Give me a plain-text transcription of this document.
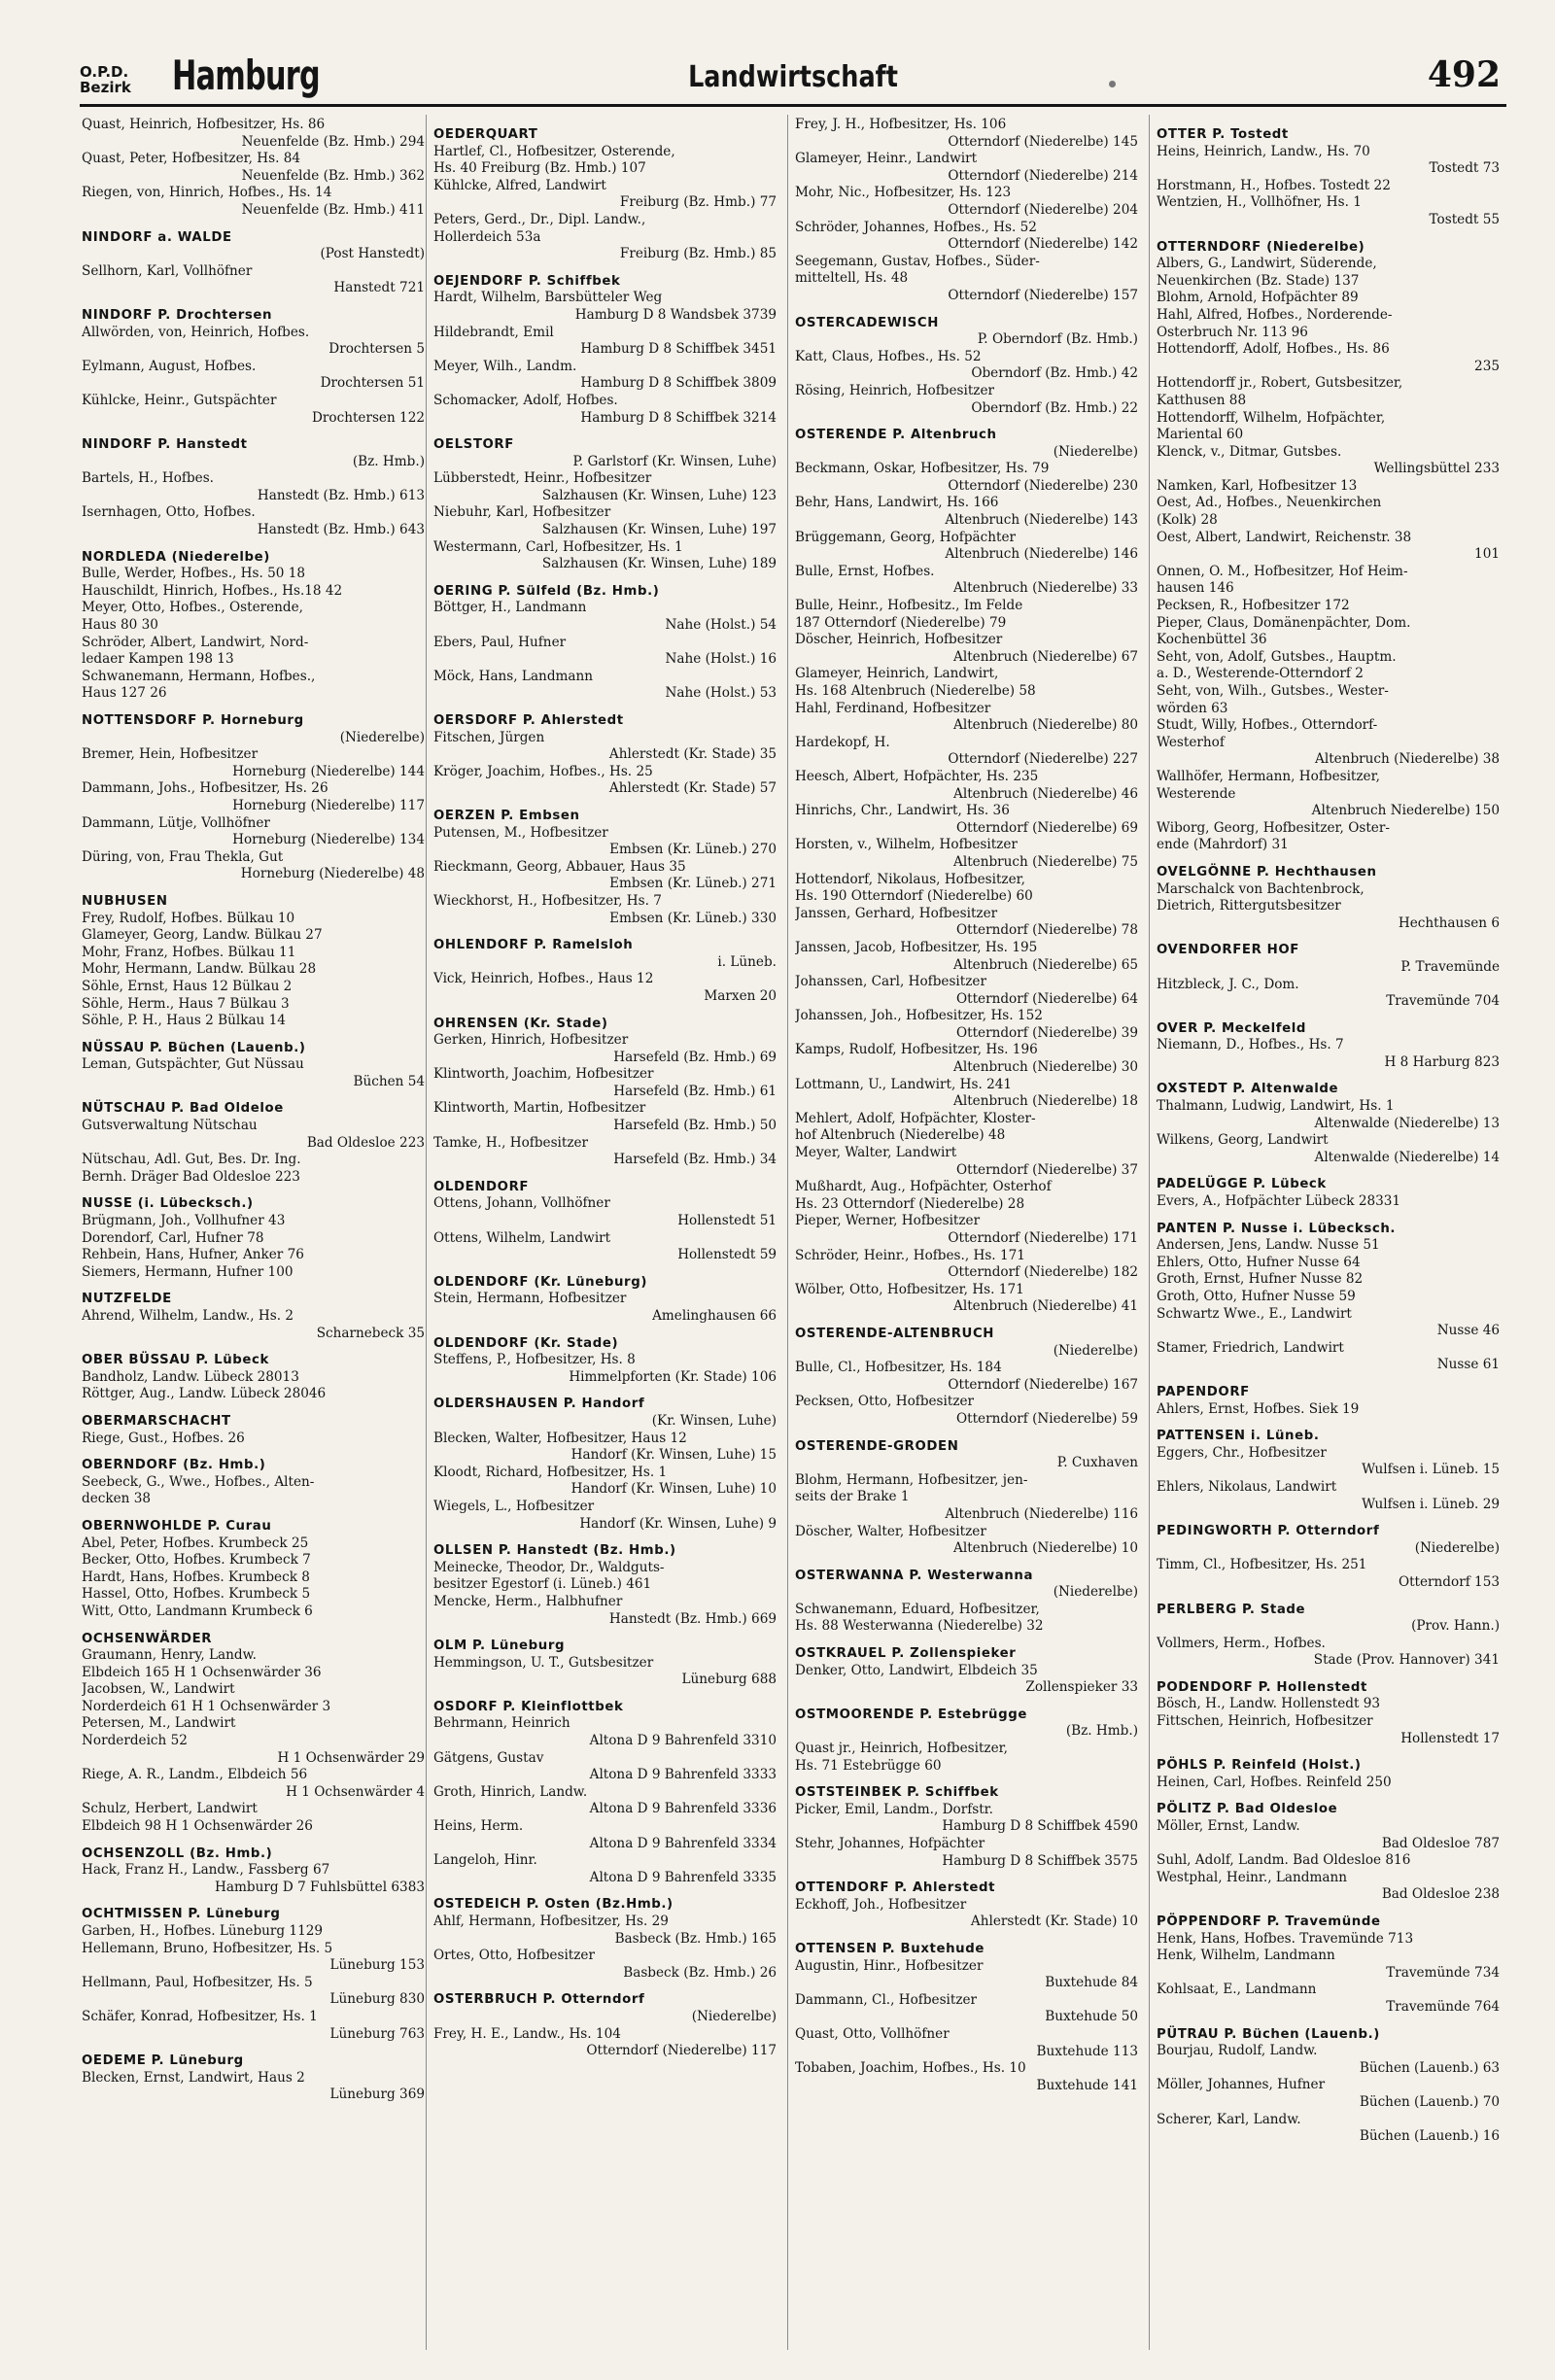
O.P.D.
Bezirk Hamburg	Landwirtschaft	492
Quast, Heinrich, Hofbesitzer, Hs. 86
Neuenfelde (Bz. Hmb.) 294
Quast, Peter, Hofbesitzer, Hs. 84
Neuenfelde (Bz. Hmb.) 362
Riegen, von, Hinrich, Hofbes., Hs. 14
Neuenfelde (Bz. Hmb.) 411
NINDORF a. WALDE
(Post Hanstedt)
Sellhorn, Karl, Vollhöfner
Hanstedt 721
NINDORF P. Drochtersen
Allwörden, von, Heinrich, Hofbes.
Drochtersen 5
Eylmann, August, Hofbes.
Drochtersen 51
Kühlcke, Heinr., Gutspächter
Drochtersen 122
NINDORF P. Hanstedt
(Bz. Hmb.)
Bartels, H., Hofbes.
Hanstedt (Bz. Hmb.) 613
Isernhagen, Otto, Hofbes.
Hanstedt (Bz. Hmb.) 643
NORDLEDA (Niederelbe)
Bulle, Werder, Hofbes., Hs. 50 18
Hauschildt, Hinrich, Hofbes., Hs.18 42
Meyer, Otto, Hofbes., Osterende,
Haus 80 30
Schröder, Albert, Landwirt, Nord-
ledaer Kampen 198 13
Schwanemann, Hermann, Hofbes.,
Haus 127 26
NOTTENSDORF P. Horneburg
(Niederelbe)
Bremer, Hein, Hofbesitzer
Horneburg (Niederelbe) 144
Dammann, Johs., Hofbesitzer, Hs. 26
Horneburg (Niederelbe) 117
Dammann, Lütje, Vollhöfner
Horneburg (Niederelbe) 134
Düring, von, Frau Thekla, Gut
Horneburg (Niederelbe) 48
NUBHUSEN
Frey, Rudolf, Hofbes. Bülkau 10
Glameyer, Georg, Landw. Bülkau 27
Mohr, Franz, Hofbes. Bülkau 11
Mohr, Hermann, Landw. Bülkau 28
Söhle, Ernst, Haus 12 Bülkau 2
Söhle, Herm., Haus 7 Bülkau 3
Söhle, P. H., Haus 2 Bülkau 14
NÜSSAU P. Büchen (Lauenb.)
Leman, Gutspächter, Gut Nüssau
Büchen 54
NÜTSCHAU P. Bad Oldeloe
Gutsverwaltung Nütschau
Bad Oldesloe 223
Nütschau, Adl. Gut, Bes. Dr. Ing.
Bernh. Dräger Bad Oldesloe 223
NUSSE (i. Lübecksch.)
Brügmann, Joh., Vollhufner 43
Dorendorf, Carl, Hufner 78
Rehbein, Hans, Hufner, Anker 76
Siemers, Hermann, Hufner 100
NUTZFELDE
Ahrend, Wilhelm, Landw., Hs. 2
Scharnebeck 35
OBER BÜSSAU P. Lübeck
Bandholz, Landw. Lübeck 28013
Röttger, Aug., Landw. Lübeck 28046
OBERMARSCHACHT
Riege, Gust., Hofbes. 26
OBERNDORF (Bz. Hmb.)
Seebeck, G., Wwe., Hofbes., Alten-
decken 38
OBERNWOHLDE P. Curau
Abel, Peter, Hofbes. Krumbeck 25
Becker, Otto, Hofbes. Krumbeck 7
Hardt, Hans, Hofbes. Krumbeck 8
Hassel, Otto, Hofbes. Krumbeck 5
Witt, Otto, Landmann Krumbeck 6
OCHSENWÄRDER
Graumann, Henry, Landw.
Elbdeich 165 H 1 Ochsenwärder 36
Jacobsen, W., Landwirt
Norderdeich 61 H 1 Ochsenwärder 3
Petersen, M., Landwirt
Norderdeich 52
H 1 Ochsenwärder 29
Riege, A. R., Landm., Elbdeich 56
H 1 Ochsenwärder 4
Schulz, Herbert, Landwirt
Elbdeich 98 H 1 Ochsenwärder 26
OCHSENZOLL (Bz. Hmb.)
Hack, Franz H., Landw., Fassberg 67
Hamburg D 7 Fuhlsbüttel 6383
OCHTMISSEN P. Lüneburg
Garben, H., Hofbes. Lüneburg 1129
Hellemann, Bruno, Hofbesitzer, Hs. 5
Lüneburg 153
Hellmann, Paul, Hofbesitzer, Hs. 5
Lüneburg 830
Schäfer, Konrad, Hofbesitzer, Hs. 1
Lüneburg 763
OEDEME P. Lüneburg
Blecken, Ernst, Landwirt, Haus 2
Lüneburg 369
OEDERQUART
Hartlef, Cl., Hofbesitzer, Osterende,
Hs. 40 Freiburg (Bz. Hmb.) 107
Kühlcke, Alfred, Landwirt
Freiburg (Bz. Hmb.) 77
Peters, Gerd., Dr., Dipl. Landw.,
Hollerdeich 53a
Freiburg (Bz. Hmb.) 85
OEJENDORF P. Schiffbek
Hardt, Wilhelm, Barsbütteler Weg
Hamburg D 8 Wandsbek 3739
Hildebrandt, Emil
Hamburg D 8 Schiffbek 3451
Meyer, Wilh., Landm.
Hamburg D 8 Schiffbek 3809
Schomacker, Adolf, Hofbes.
Hamburg D 8 Schiffbek 3214
OELSTORF
P. Garlstorf (Kr. Winsen, Luhe)
Lübberstedt, Heinr., Hofbesitzer
Salzhausen (Kr. Winsen, Luhe) 123
Niebuhr, Karl, Hofbesitzer
Salzhausen (Kr. Winsen, Luhe) 197
Westermann, Carl, Hofbesitzer, Hs. 1
Salzhausen (Kr. Winsen, Luhe) 189
OERING P. Sülfeld (Bz. Hmb.)
Böttger, H., Landmann
Nahe (Holst.) 54
Ebers, Paul, Hufner
Nahe (Holst.) 16
Möck, Hans, Landmann
Nahe (Holst.) 53
OERSDORF P. Ahlerstedt
Fitschen, Jürgen
Ahlerstedt (Kr. Stade) 35
Kröger, Joachim, Hofbes., Hs. 25
Ahlerstedt (Kr. Stade) 57
OERZEN P. Embsen
Putensen, M., Hofbesitzer
Embsen (Kr. Lüneb.) 270
Rieckmann, Georg, Abbauer, Haus 35
Embsen (Kr. Lüneb.) 271
Wieckhorst, H., Hofbesitzer, Hs. 7
Embsen (Kr. Lüneb.) 330
OHLENDORF P. Ramelsloh
i. Lüneb.
Vick, Heinrich, Hofbes., Haus 12
Marxen 20
OHRENSEN (Kr. Stade)
Gerken, Hinrich, Hofbesitzer
Harsefeld (Bz. Hmb.) 69
Klintworth, Joachim, Hofbesitzer
Harsefeld (Bz. Hmb.) 61
Klintworth, Martin, Hofbesitzer
Harsefeld (Bz. Hmb.) 50
Tamke, H., Hofbesitzer
Harsefeld (Bz. Hmb.) 34
OLDENDORF
Ottens, Johann, Vollhöfner
Hollenstedt 51
Ottens, Wilhelm, Landwirt
Hollenstedt 59
OLDENDORF (Kr. Lüneburg)
Stein, Hermann, Hofbesitzer
Amelinghausen 66
OLDENDORF (Kr. Stade)
Steffens, P., Hofbesitzer, Hs. 8
Himmelpforten (Kr. Stade) 106
OLDERSHAUSEN P. Handorf
(Kr. Winsen, Luhe)
Blecken, Walter, Hofbesitzer, Haus 12
Handorf (Kr. Winsen, Luhe) 15
Kloodt, Richard, Hofbesitzer, Hs. 1
Handorf (Kr. Winsen, Luhe) 10
Wiegels, L., Hofbesitzer
Handorf (Kr. Winsen, Luhe) 9
OLLSEN P. Hanstedt (Bz. Hmb.)
Meinecke, Theodor, Dr., Waldguts-
besitzer Egestorf (i. Lüneb.) 461
Mencke, Herm., Halbhufner
Hanstedt (Bz. Hmb.) 669
OLM P. Lüneburg
Hemmingson, U. T., Gutsbesitzer
Lüneburg 688
OSDORF P. Kleinflottbek
Behrmann, Heinrich
Altona D 9 Bahrenfeld 3310
Gätgens, Gustav
Altona D 9 Bahrenfeld 3333
Groth, Hinrich, Landw.
Altona D 9 Bahrenfeld 3336
Heins, Herm.
Altona D 9 Bahrenfeld 3334
Langeloh, Hinr.
Altona D 9 Bahrenfeld 3335
OSTEDEICH P. Osten (Bz.Hmb.)
Ahlf, Hermann, Hofbesitzer, Hs. 29
Basbeck (Bz. Hmb.) 165
Ortes, Otto, Hofbesitzer
Basbeck (Bz. Hmb.) 26
OSTERBRUCH P. Otterndorf
(Niederelbe)
Frey, H. E., Landw., Hs. 104
Otterndorf (Niederelbe) 117
Frey, J. H., Hofbesitzer, Hs. 106
Otterndorf (Niederelbe) 145
Glameyer, Heinr., Landwirt
Otterndorf (Niederelbe) 214
Mohr, Nic., Hofbesitzer, Hs. 123
Otterndorf (Niederelbe) 204
Schröder, Johannes, Hofbes., Hs. 52
Otterndorf (Niederelbe) 142
Seegemann, Gustav, Hofbes., Süder-
mitteltell, Hs. 48
Otterndorf (Niederelbe) 157
OSTERCADEWISCH
P. Oberndorf (Bz. Hmb.)
Katt, Claus, Hofbes., Hs. 52
Oberndorf (Bz. Hmb.) 42
Rösing, Heinrich, Hofbesitzer
Oberndorf (Bz. Hmb.) 22
OSTERENDE P. Altenbruch
(Niederelbe)
Beckmann, Oskar, Hofbesitzer, Hs. 79
Otterndorf (Niederelbe) 230
Behr, Hans, Landwirt, Hs. 166
Altenbruch (Niederelbe) 143
Brüggemann, Georg, Hofpächter
Altenbruch (Niederelbe) 146
Bulle, Ernst, Hofbes.
Altenbruch (Niederelbe) 33
Bulle, Heinr., Hofbesitz., Im Felde
187 Otterndorf (Niederelbe) 79
Döscher, Heinrich, Hofbesitzer
Altenbruch (Niederelbe) 67
Glameyer, Heinrich, Landwirt,
Hs. 168 Altenbruch (Niederelbe) 58
Hahl, Ferdinand, Hofbesitzer
Altenbruch (Niederelbe) 80
Hardekopf, H.
Otterndorf (Niederelbe) 227
Heesch, Albert, Hofpächter, Hs. 235
Altenbruch (Niederelbe) 46
Hinrichs, Chr., Landwirt, Hs. 36
Otterndorf (Niederelbe) 69
Horsten, v., Wilhelm, Hofbesitzer
Altenbruch (Niederelbe) 75
Hottendorf, Nikolaus, Hofbesitzer,
Hs. 190 Otterndorf (Niederelbe) 60
Janssen, Gerhard, Hofbesitzer
Otterndorf (Niederelbe) 78
Janssen, Jacob, Hofbesitzer, Hs. 195
Altenbruch (Niederelbe) 65
Johanssen, Carl, Hofbesitzer
Otterndorf (Niederelbe) 64
Johanssen, Joh., Hofbesitzer, Hs. 152
Otterndorf (Niederelbe) 39
Kamps, Rudolf, Hofbesitzer, Hs. 196
Altenbruch (Niederelbe) 30
Lottmann, U., Landwirt, Hs. 241
Altenbruch (Niederelbe) 18
Mehlert, Adolf, Hofpächter, Kloster-
hof Altenbruch (Niederelbe) 48
Meyer, Walter, Landwirt
Otterndorf (Niederelbe) 37
Mußhardt, Aug., Hofpächter, Osterhof
Hs. 23 Otterndorf (Niederelbe) 28
Pieper, Werner, Hofbesitzer
Otterndorf (Niederelbe) 171
Schröder, Heinr., Hofbes., Hs. 171
Otterndorf (Niederelbe) 182
Wölber, Otto, Hofbesitzer, Hs. 171
Altenbruch (Niederelbe) 41
OSTERENDE-ALTENBRUCH
(Niederelbe)
Bulle, Cl., Hofbesitzer, Hs. 184
Otterndorf (Niederelbe) 167
Pecksen, Otto, Hofbesitzer
Otterndorf (Niederelbe) 59
OSTERENDE-GRODEN
P. Cuxhaven
Blohm, Hermann, Hofbesitzer, jen-
seits der Brake 1
Altenbruch (Niederelbe) 116
Döscher, Walter, Hofbesitzer
Altenbruch (Niederelbe) 10
OSTERWANNA P. Westerwanna
(Niederelbe)
Schwanemann, Eduard, Hofbesitzer,
Hs. 88 Westerwanna (Niederelbe) 32
OSTKRAUEL P. Zollenspieker
Denker, Otto, Landwirt, Elbdeich 35
Zollenspieker 33
OSTMOORENDE P. Estebrügge
(Bz. Hmb.)
Quast jr., Heinrich, Hofbesitzer,
Hs. 71 Estebrügge 60
OSTSTEINBEK P. Schiffbek
Picker, Emil, Landm., Dorfstr.
Hamburg D 8 Schiffbek 4590
Stehr, Johannes, Hofpächter
Hamburg D 8 Schiffbek 3575
OTTENDORF P. Ahlerstedt
Eckhoff, Joh., Hofbesitzer
Ahlerstedt (Kr. Stade) 10
OTTENSEN P. Buxtehude
Augustin, Hinr., Hofbesitzer
Buxtehude 84
Dammann, Cl., Hofbesitzer
Buxtehude 50
Quast, Otto, Vollhöfner
Buxtehude 113
Tobaben, Joachim, Hofbes., Hs. 10
Buxtehude 141
OTTER P. Tostedt
Heins, Heinrich, Landw., Hs. 70
Tostedt 73
Horstmann, H., Hofbes. Tostedt 22
Wentzien, H., Vollhöfner, Hs. 1
Tostedt 55
OTTERNDORF (Niederelbe)
Albers, G., Landwirt, Süderende,
Neuenkirchen (Bz. Stade) 137
Blohm, Arnold, Hofpächter 89
Hahl, Alfred, Hofbes., Norderende-
Osterbruch Nr. 113 96
Hottendorff, Adolf, Hofbes., Hs. 86
235
Hottendorff jr., Robert, Gutsbesitzer,
Katthusen 88
Hottendorff, Wilhelm, Hofpächter,
Mariental 60
Klenck, v., Ditmar, Gutsbes.
Wellingsbüttel 233
Namken, Karl, Hofbesitzer 13
Oest, Ad., Hofbes., Neuenkirchen
(Kolk) 28
Oest, Albert, Landwirt, Reichenstr. 38
101
Onnen, O. M., Hofbesitzer, Hof Heim-
hausen 146
Pecksen, R., Hofbesitzer 172
Pieper, Claus, Domänenpächter, Dom.
Kochenbüttel 36
Seht, von, Adolf, Gutsbes., Hauptm.
a. D., Westerende-Otterndorf 2
Seht, von, Wilh., Gutsbes., Wester-
wörden 63
Studt, Willy, Hofbes., Otterndorf-
Westerhof
Altenbruch (Niederelbe) 38
Wallhöfer, Hermann, Hofbesitzer,
Westerende
Altenbruch Niederelbe) 150
Wiborg, Georg, Hofbesitzer, Oster-
ende (Mahrdorf) 31
OVELGÖNNE P. Hechthausen
Marschalck von Bachtenbrock,
Dietrich, Rittergutsbesitzer
Hechthausen 6
OVENDORFER HOF
P. Travemünde
Hitzbleck, J. C., Dom.
Travemünde 704
OVER P. Meckelfeld
Niemann, D., Hofbes., Hs. 7
H 8 Harburg 823
OXSTEDT P. Altenwalde
Thalmann, Ludwig, Landwirt, Hs. 1
Altenwalde (Niederelbe) 13
Wilkens, Georg, Landwirt
Altenwalde (Niederelbe) 14
PADELÜGGE P. Lübeck
Evers, A., Hofpächter Lübeck 28331
PANTEN P. Nusse i. Lübecksch.
Andersen, Jens, Landw. Nusse 51
Ehlers, Otto, Hufner Nusse 64
Groth, Ernst, Hufner Nusse 82
Groth, Otto, Hufner Nusse 59
Schwartz Wwe., E., Landwirt
Nusse 46
Stamer, Friedrich, Landwirt
Nusse 61
PAPENDORF
Ahlers, Ernst, Hofbes. Siek 19
PATTENSEN i. Lüneb.
Eggers, Chr., Hofbesitzer
Wulfsen i. Lüneb. 15
Ehlers, Nikolaus, Landwirt
Wulfsen i. Lüneb. 29
PEDINGWORTH P. Otterndorf
(Niederelbe)
Timm, Cl., Hofbesitzer, Hs. 251
Otterndorf 153
PERLBERG P. Stade
(Prov. Hann.)
Vollmers, Herm., Hofbes.
Stade (Prov. Hannover) 341
PODENDORF P. Hollenstedt
Bösch, H., Landw. Hollenstedt 93
Fittschen, Heinrich, Hofbesitzer
Hollenstedt 17
PÖHLS P. Reinfeld (Holst.)
Heinen, Carl, Hofbes. Reinfeld 250
PÖLITZ P. Bad Oldesloe
Möller, Ernst, Landw.
Bad Oldesloe 787
Suhl, Adolf, Landm. Bad Oldesloe 816
Westphal, Heinr., Landmann
Bad Oldesloe 238
PÖPPENDORF P. Travemünde
Henk, Hans, Hofbes. Travemünde 713
Henk, Wilhelm, Landmann
Travemünde 734
Kohlsaat, E., Landmann
Travemünde 764
PÜTRAU P. Büchen (Lauenb.)
Bourjau, Rudolf, Landw.
Büchen (Lauenb.) 63
Möller, Johannes, Hufner
Büchen (Lauenb.) 70
Scherer, Karl, Landw.
Büchen (Lauenb.) 16
